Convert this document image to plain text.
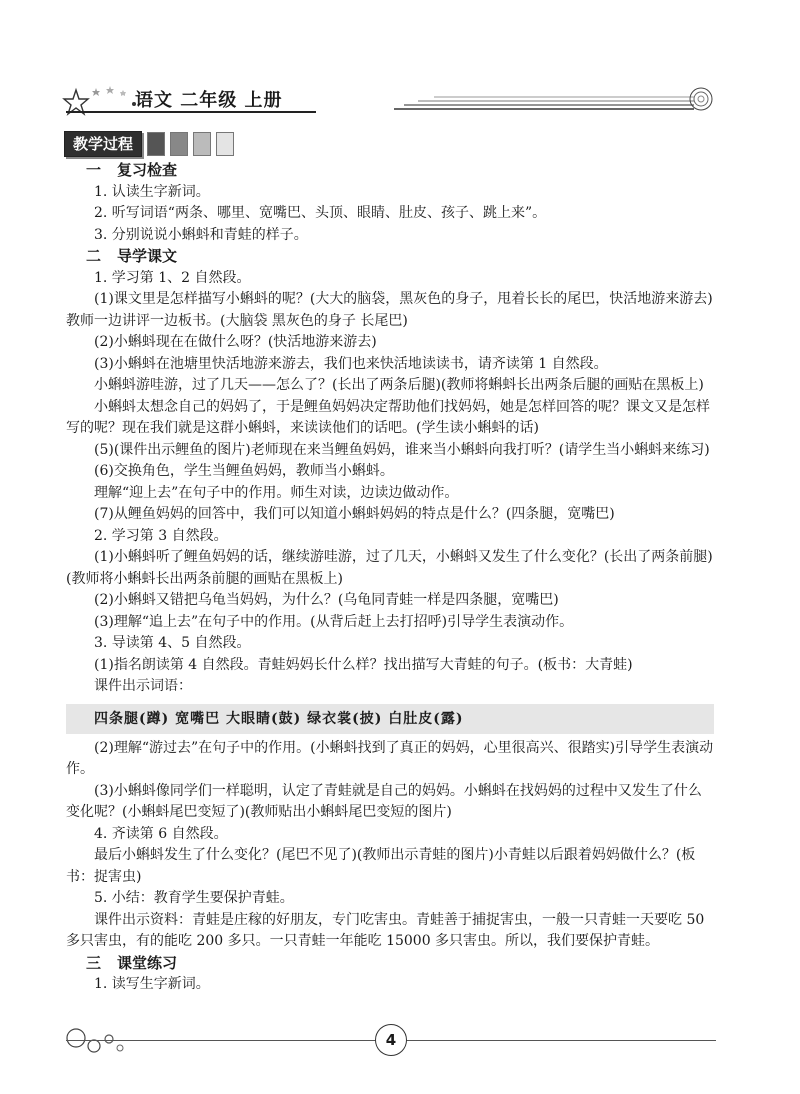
语文 二年级 上册
教学过程

一 复习检查

1. 认读生字新词。

2. 听写词语“两条、哪里、宽嘴巴、头顶、眼睛、肚皮、孩子、跳上来”。

3. 分别说说小蝌蚪和青蛙的样子。

二 导学课文

1. 学习第 1、2 自然段。

(1)课文里是怎样描写小蝌蚪的呢？(大大的脑袋，黑灰色的身子，甩着长长的尾巴，快活地游来游去)教师一边讲评一边板书。(大脑袋 黑灰色的身子 长尾巴)

(2)小蝌蚪现在在做什么呀？(快活地游来游去)

(3)小蝌蚪在池塘里快活地游来游去，我们也来快活地读读书，请齐读第 1 自然段。

小蝌蚪游哇游，过了几天——怎么了？(长出了两条后腿)(教师将蝌蚪长出两条后腿的画贴在黑板上)

小蝌蚪太想念自己的妈妈了，于是鲤鱼妈妈决定帮助他们找妈妈，她是怎样回答的呢？课文又是怎样写的呢？现在我们就是这群小蝌蚪，来读读他们的话吧。(学生读小蝌蚪的话)

(5)(课件出示鲤鱼的图片)老师现在来当鲤鱼妈妈，谁来当小蝌蚪向我打听？(请学生当小蝌蚪来练习)

(6)交换角色，学生当鲤鱼妈妈，教师当小蝌蚪。

理解“迎上去”在句子中的作用。师生对读，边读边做动作。

(7)从鲤鱼妈妈的回答中，我们可以知道小蝌蚪妈妈的特点是什么？(四条腿，宽嘴巴)

2. 学习第 3 自然段。

(1)小蝌蚪听了鲤鱼妈妈的话，继续游哇游，过了几天，小蝌蚪又发生了什么变化？(长出了两条前腿)(教师将小蝌蚪长出两条前腿的画贴在黑板上)

(2)小蝌蚪又错把乌龟当妈妈，为什么？(乌龟同青蛙一样是四条腿，宽嘴巴)

(3)理解“追上去”在句子中的作用。(从背后赶上去打招呼)引导学生表演动作。

3. 导读第 4、5 自然段。

(1)指名朗读第 4 自然段。青蛙妈妈长什么样？找出描写大青蛙的句子。(板书：大青蛙)

课件出示词语：

四条腿(蹲) 宽嘴巴 大眼睛(鼓) 绿衣裳(披) 白肚皮(露)

(2)理解“游过去”在句子中的作用。(小蝌蚪找到了真正的妈妈，心里很高兴、很踏实)引导学生表演动作。

(3)小蝌蚪像同学们一样聪明，认定了青蛙就是自己的妈妈。小蝌蚪在找妈妈的过程中又发生了什么变化呢？(小蝌蚪尾巴变短了)(教师贴出小蝌蚪尾巴变短的图片)

4. 齐读第 6 自然段。

最后小蝌蚪发生了什么变化？(尾巴不见了)(教师出示青蛙的图片)小青蛙以后跟着妈妈做什么？(板书：捉害虫)

5. 小结：教育学生要保护青蛙。

课件出示资料：青蛙是庄稼的好朋友，专门吃害虫。青蛙善于捕捉害虫，一般一只青蛙一天要吃 50 多只害虫，有的能吃 200 多只。一只青蛙一年能吃 15000 多只害虫。所以，我们要保护青蛙。

三 课堂练习

1. 读写生字新词。

4
